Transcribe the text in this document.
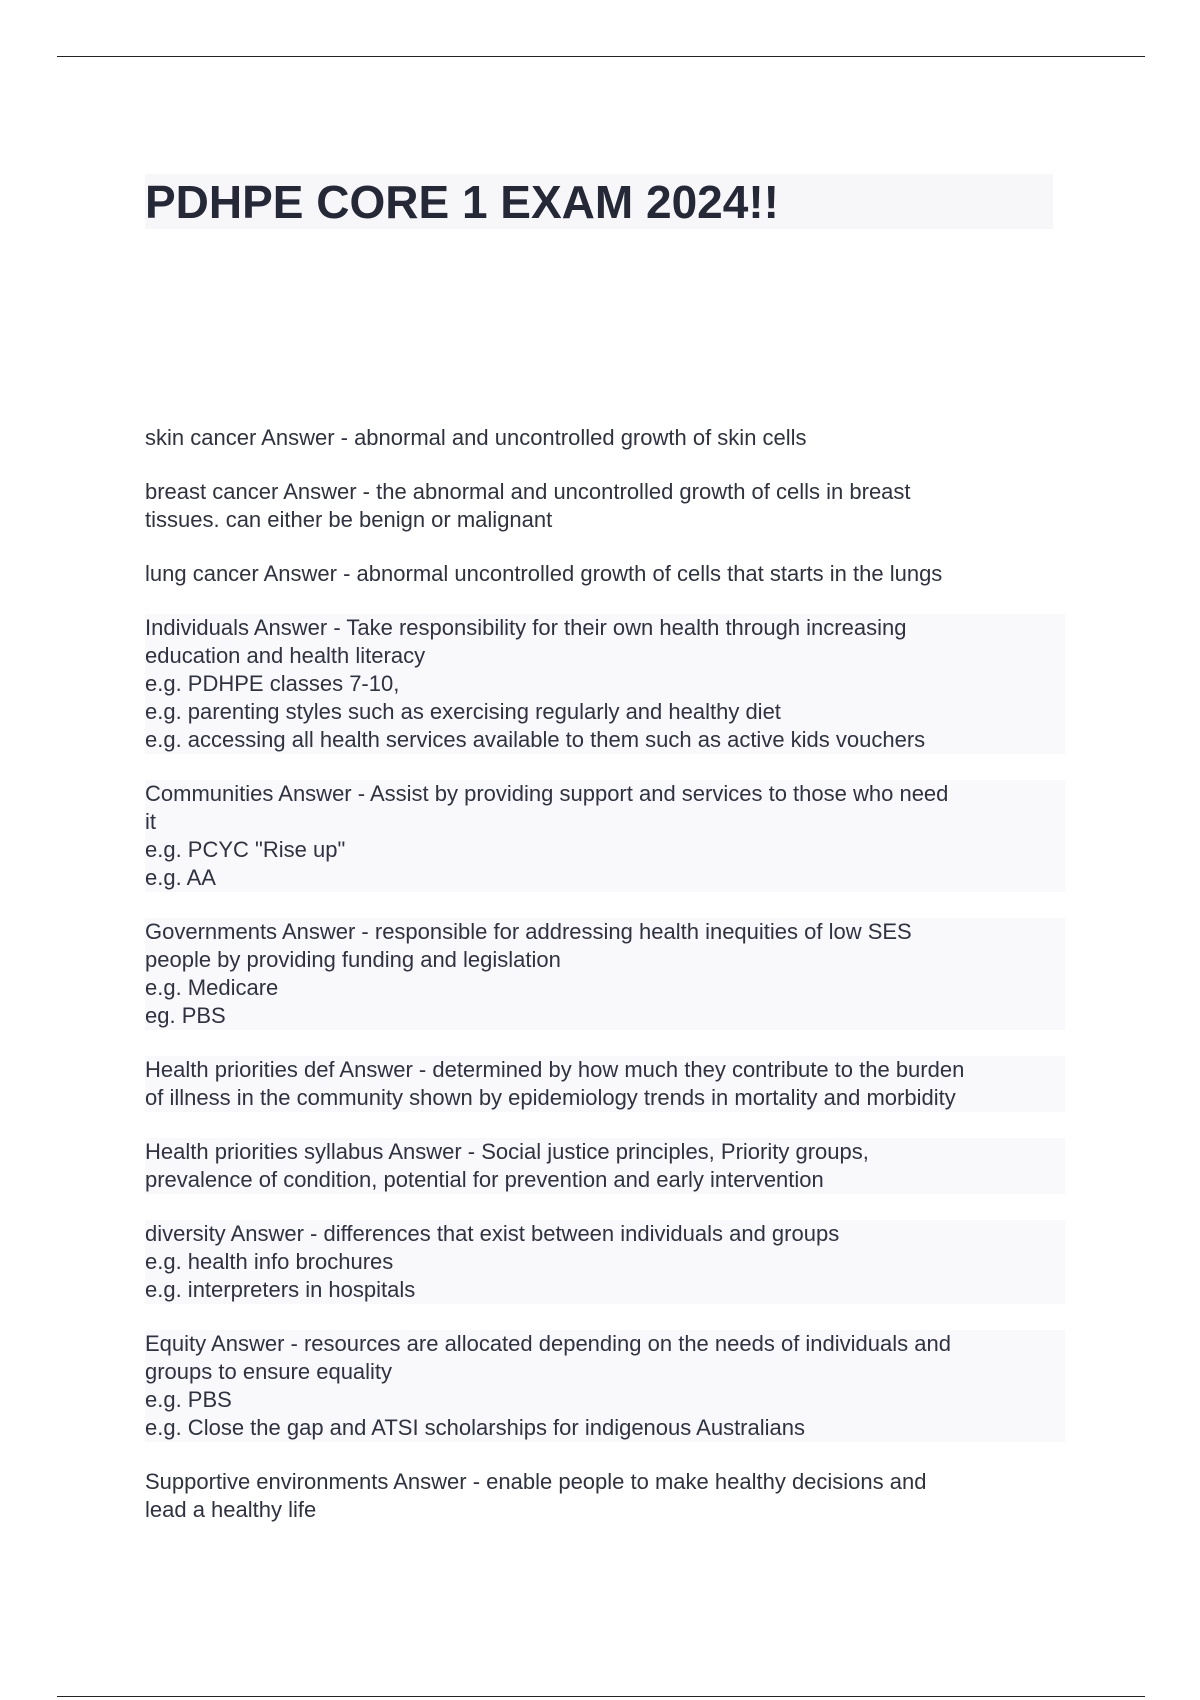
PDHPE CORE 1 EXAM 2024!!
skin cancer Answer - abnormal and uncontrolled growth of skin cells
breast cancer Answer - the abnormal and uncontrolled growth of cells in breast
tissues. can either be benign or malignant
lung cancer Answer - abnormal uncontrolled growth of cells that starts in the lungs
Individuals Answer - Take responsibility for their own health through increasing
education and health literacy
e.g. PDHPE classes 7-10,
e.g. parenting styles such as exercising regularly and healthy diet
e.g. accessing all health services available to them such as active kids vouchers
Communities Answer - Assist by providing support and services to those who need
it
e.g. PCYC "Rise up"
e.g. AA
Governments Answer - responsible for addressing health inequities of low SES
people by providing funding and legislation
e.g. Medicare
eg. PBS
Health priorities def Answer - determined by how much they contribute to the burden
of illness in the community shown by epidemiology trends in mortality and morbidity
Health priorities syllabus Answer - Social justice principles, Priority groups,
prevalence of condition, potential for prevention and early intervention
diversity Answer - differences that exist between individuals and groups
e.g. health info brochures
e.g. interpreters in hospitals
Equity Answer - resources are allocated depending on the needs of individuals and
groups to ensure equality
e.g. PBS
e.g. Close the gap and ATSI scholarships for indigenous Australians
Supportive environments Answer - enable people to make healthy decisions and
lead a healthy life
